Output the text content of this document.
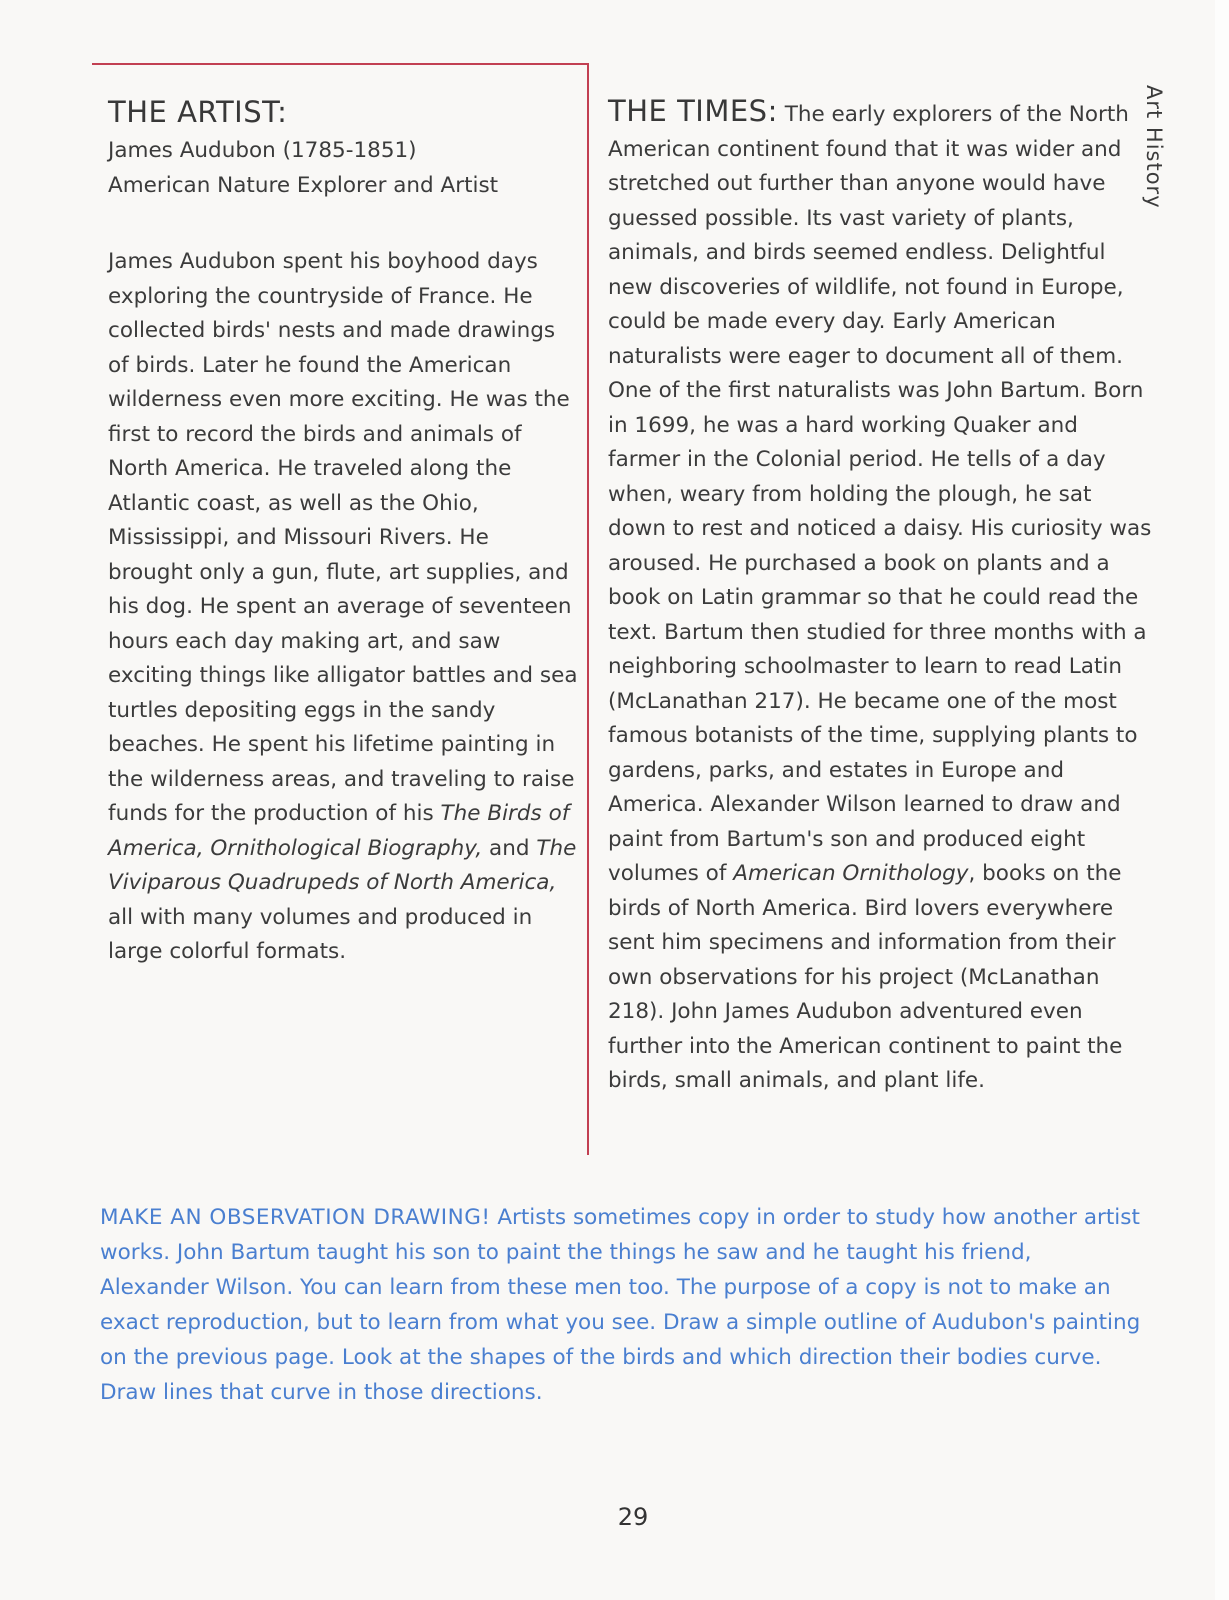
THE ARTIST:
James Audubon (1785-1851)
American Nature Explorer and Artist

James Audubon spent his boyhood days exploring the countryside of France. He collected birds' nests and made drawings of birds. Later he found the American wilderness even more exciting. He was the first to record the birds and animals of North America. He traveled along the Atlantic coast, as well as the Ohio, Mississippi, and Missouri Rivers. He brought only a gun, flute, art supplies, and his dog. He spent an average of seventeen hours each day making art, and saw exciting things like alligator battles and sea turtles depositing eggs in the sandy beaches. He spent his lifetime painting in the wilderness areas, and traveling to raise funds for the production of his The Birds of America, Ornithological Biography, and The Viviparous Quadrupeds of North America, all with many volumes and produced in large colorful formats.

THE TIMES: The early explorers of the North American continent found that it was wider and stretched out further than anyone would have guessed possible. Its vast variety of plants, animals, and birds seemed endless. Delightful new discoveries of wildlife, not found in Europe, could be made every day. Early American naturalists were eager to document all of them. One of the first naturalists was John Bartum. Born in 1699, he was a hard working Quaker and farmer in the Colonial period. He tells of a day when, weary from holding the plough, he sat down to rest and noticed a daisy. His curiosity was aroused. He purchased a book on plants and a book on Latin grammar so that he could read the text. Bartum then studied for three months with a neighboring schoolmaster to learn to read Latin (McLanathan 217). He became one of the most famous botanists of the time, supplying plants to gardens, parks, and estates in Europe and America. Alexander Wilson learned to draw and paint from Bartum's son and produced eight volumes of American Ornithology, books on the birds of North America. Bird lovers everywhere sent him specimens and information from their own observations for his project (McLanathan 218). John James Audubon adventured even further into the American continent to paint the birds, small animals, and plant life.

Art History
MAKE AN OBSERVATION DRAWING! Artists sometimes copy in order to study how another artist works. John Bartum taught his son to paint the things he saw and he taught his friend, Alexander Wilson. You can learn from these men too. The purpose of a copy is not to make an exact reproduction, but to learn from what you see. Draw a simple outline of Audubon's painting on the previous page. Look at the shapes of the birds and which direction their bodies curve. Draw lines that curve in those directions.
29
